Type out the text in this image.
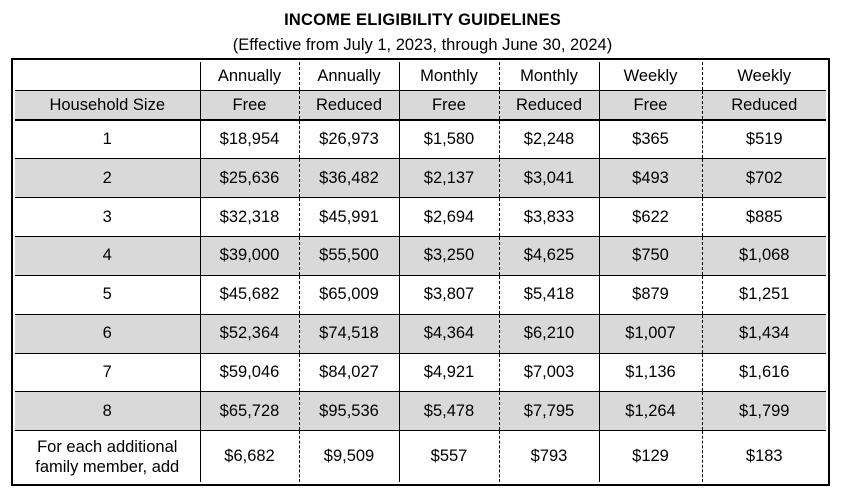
INCOME ELIGIBILITY GUIDELINES
(Effective from July 1, 2023, through June 30, 2024)
	Annually	Annually	Monthly	Monthly	Weekly	Weekly
Household Size	Free	Reduced	Free	Reduced	Free	Reduced
1	$18,954	$26,973	$1,580	$2,248	$365	$519
2	$25,636	$36,482	$2,137	$3,041	$493	$702
3	$32,318	$45,991	$2,694	$3,833	$622	$885
4	$39,000	$55,500	$3,250	$4,625	$750	$1,068
5	$45,682	$65,009	$3,807	$5,418	$879	$1,251
6	$52,364	$74,518	$4,364	$6,210	$1,007	$1,434
7	$59,046	$84,027	$4,921	$7,003	$1,136	$1,616
8	$65,728	$95,536	$5,478	$7,795	$1,264	$1,799
For each additional family member, add	$6,682	$9,509	$557	$793	$129	$183
